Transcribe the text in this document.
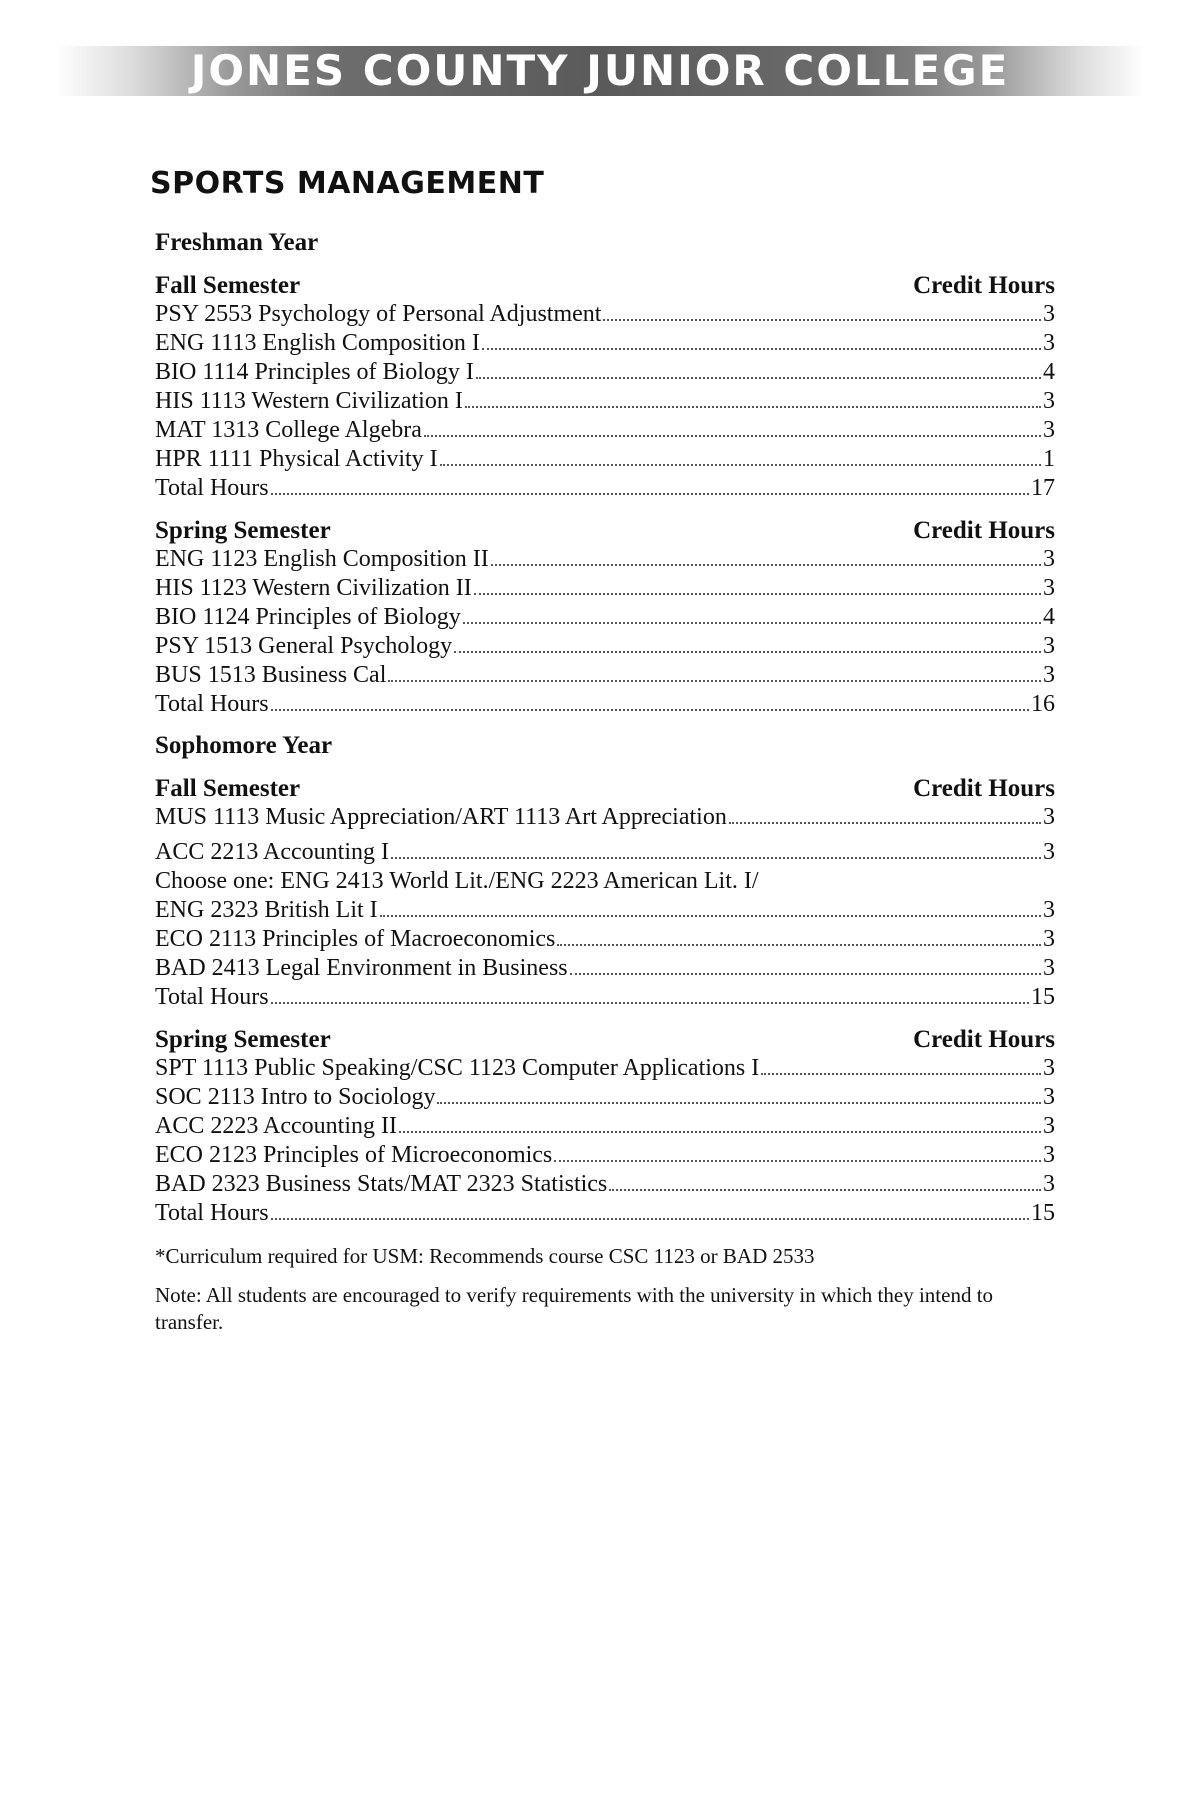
JONES COUNTY JUNIOR COLLEGE
SPORTS MANAGEMENT
Freshman Year
Fall Semester	Credit Hours
PSY 2553 Psychology of Personal Adjustment	3
ENG 1113 English Composition I	3
BIO 1114 Principles of Biology I	4
HIS 1113 Western Civilization I	3
MAT 1313 College Algebra	3
HPR 1111 Physical Activity I	1
Total Hours	17
Spring Semester	Credit Hours
ENG 1123 English Composition II	3
HIS 1123 Western Civilization II	3
BIO 1124 Principles of Biology	4
PSY 1513 General Psychology	3
BUS 1513 Business Cal	3
Total Hours	16
Sophomore Year
Fall Semester	Credit Hours
MUS 1113 Music Appreciation/ART 1113 Art Appreciation	3
ACC 2213 Accounting I	3
Choose one: ENG 2413 World Lit./ENG 2223 American Lit. I/
ENG 2323 British Lit I	3
ECO 2113 Principles of Macroeconomics	3
BAD 2413 Legal Environment in Business	3
Total Hours	15
Spring Semester	Credit Hours
SPT 1113 Public Speaking/CSC 1123 Computer Applications I	3
SOC 2113 Intro to Sociology	3
ACC 2223 Accounting II	3
ECO 2123 Principles of Microeconomics	3
BAD 2323 Business Stats/MAT 2323 Statistics	3
Total Hours	15
*Curriculum required for USM: Recommends course CSC 1123 or BAD 2533
Note: All students are encouraged to verify requirements with the university in which they intend to transfer.
